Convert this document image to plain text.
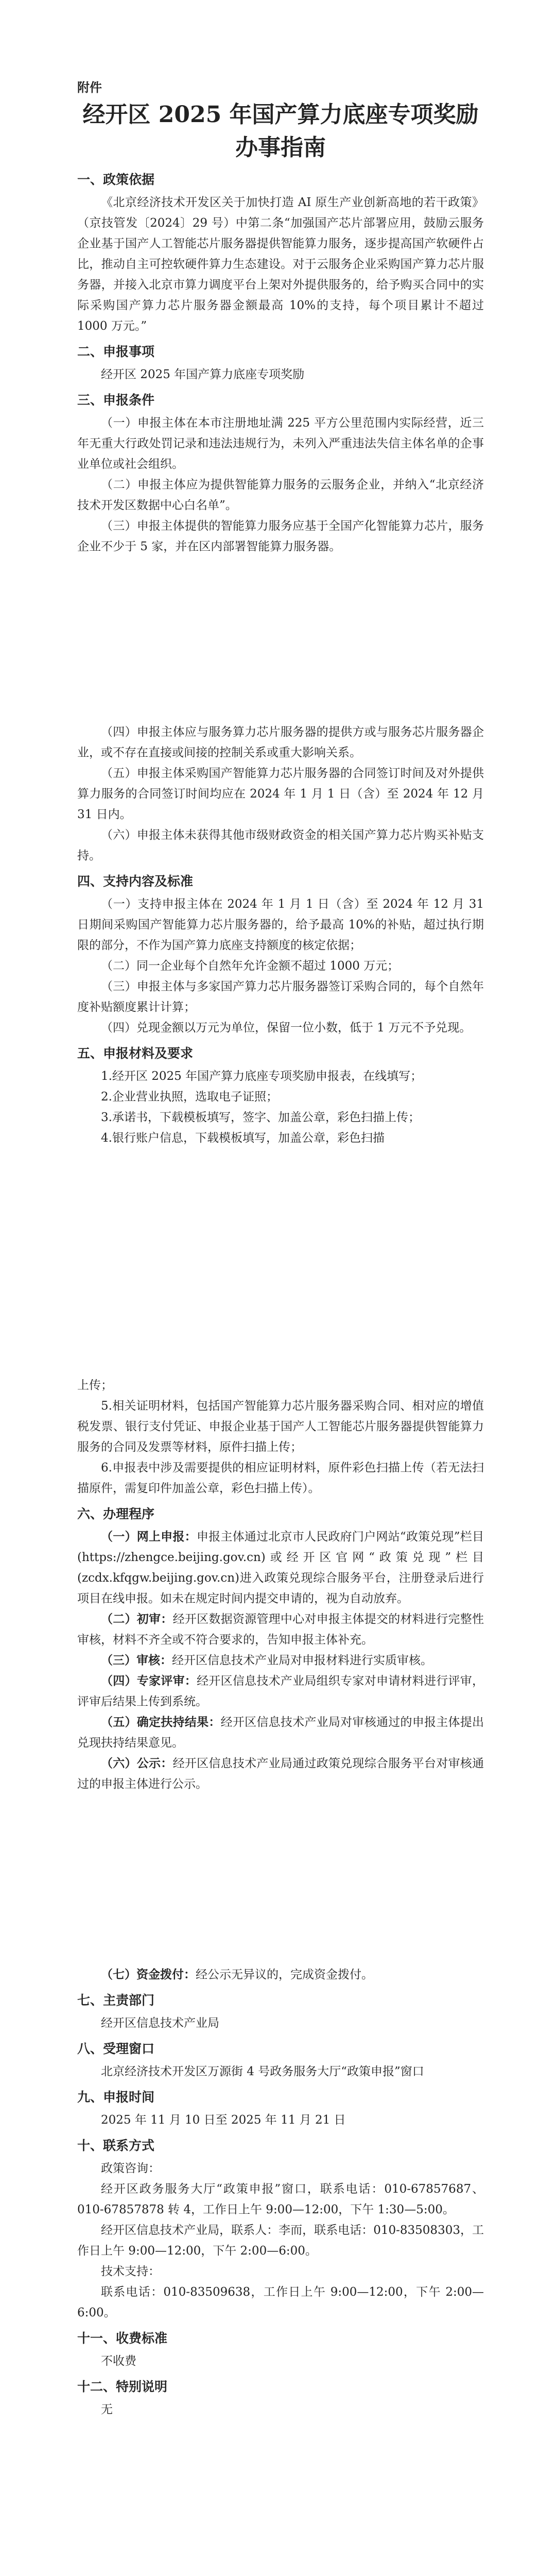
附件
经开区 2025 年国产算力底座专项奖励
办事指南
一、政策依据
《北京经济技术开发区关于加快打造 AI 原生产业创新高地的若干政策》（京技管发〔2024〕29 号）中第二条“加强国产芯片部署应用，鼓励云服务企业基于国产人工智能芯片服务器提供智能算力服务，逐步提高国产软硬件占比，推动自主可控软硬件算力生态建设。对于云服务企业采购国产算力芯片服务器，并接入北京市算力调度平台上架对外提供服务的，给予购买合同中的实际采购国产算力芯片服务器金额最高 10%的支持，每个项目累计不超过 1000 万元。”
二、申报事项
经开区 2025 年国产算力底座专项奖励
三、申报条件
（一）申报主体在本市注册地址满 225 平方公里范围内实际经营，近三年无重大行政处罚记录和违法违规行为，未列入严重违法失信主体名单的企事业单位或社会组织。
（二）申报主体应为提供智能算力服务的云服务企业，并纳入“北京经济技术开发区数据中心白名单”。
（三）申报主体提供的智能算力服务应基于全国产化智能算力芯片，服务企业不少于 5 家，并在区内部署智能算力服务器。
（四）申报主体应与服务算力芯片服务器的提供方或与服务芯片服务器企业，或不存在直接或间接的控制关系或重大影响关系。
（五）申报主体采购国产智能算力芯片服务器的合同签订时间及对外提供算力服务的合同签订时间均应在 2024 年 1 月 1 日（含）至 2024 年 12 月 31 日内。
（六）申报主体未获得其他市级财政资金的相关国产算力芯片购买补贴支持。
四、支持内容及标准
（一）支持申报主体在 2024 年 1 月 1 日（含）至 2024 年 12 月 31 日期间采购国产智能算力芯片服务器的，给予最高 10%的补贴，超过执行期限的部分，不作为国产算力底座支持额度的核定依据；
（二）同一企业每个自然年允许金额不超过 1000 万元；
（三）申报主体与多家国产算力芯片服务器签订采购合同的，每个自然年度补贴额度累计计算；
（四）兑现金额以万元为单位，保留一位小数，低于 1 万元不予兑现。
五、申报材料及要求
1.经开区 2025 年国产算力底座专项奖励申报表，在线填写；
2.企业营业执照，选取电子证照；
3.承诺书，下载模板填写，签字、加盖公章，彩色扫描上传；
4.银行账户信息，下载模板填写，加盖公章，彩色扫描
上传；
5.相关证明材料，包括国产智能算力芯片服务器采购合同、相对应的增值税发票、银行支付凭证、申报企业基于国产人工智能芯片服务器提供智能算力服务的合同及发票等材料，原件扫描上传；
6.申报表中涉及需要提供的相应证明材料，原件彩色扫描上传（若无法扫描原件，需复印件加盖公章，彩色扫描上传）。
六、办理程序
（一）网上申报：申报主体通过北京市人民政府门户网站“政策兑现”栏目(https://zhengce.beijing.gov.cn)或经开区官网“政策兑现”栏目(zcdx.kfqgw.beijing.gov.cn)进入政策兑现综合服务平台，注册登录后进行项目在线申报。如未在规定时间内提交申请的，视为自动放弃。
（二）初审：经开区数据资源管理中心对申报主体提交的材料进行完整性审核，材料不齐全或不符合要求的，告知申报主体补充。
（三）审核：经开区信息技术产业局对申报材料进行实质审核。
（四）专家评审：经开区信息技术产业局组织专家对申请材料进行评审，评审后结果上传到系统。
（五）确定扶持结果：经开区信息技术产业局对审核通过的申报主体提出兑现扶持结果意见。
（六）公示：经开区信息技术产业局通过政策兑现综合服务平台对审核通过的申报主体进行公示。
（七）资金拨付：经公示无异议的，完成资金拨付。
七、主责部门
经开区信息技术产业局
八、受理窗口
北京经济技术开发区万源街 4 号政务服务大厅“政策申报”窗口
九、申报时间
2025 年 11 月 10 日至 2025 年 11 月 21 日
十、联系方式
政策咨询：
经开区政务服务大厅“政策申报”窗口，联系电话：010-67857687、010-67857878 转 4，工作日上午 9:00—12:00，下午 1:30—5:00。
经开区信息技术产业局，联系人：李而，联系电话：010-83508303，工作日上午 9:00—12:00，下午 2:00—6:00。
技术支持：
联系电话：010-83509638，工作日上午 9:00—12:00，下午 2:00—6:00。
十一、收费标准
不收费
十二、特别说明
无
